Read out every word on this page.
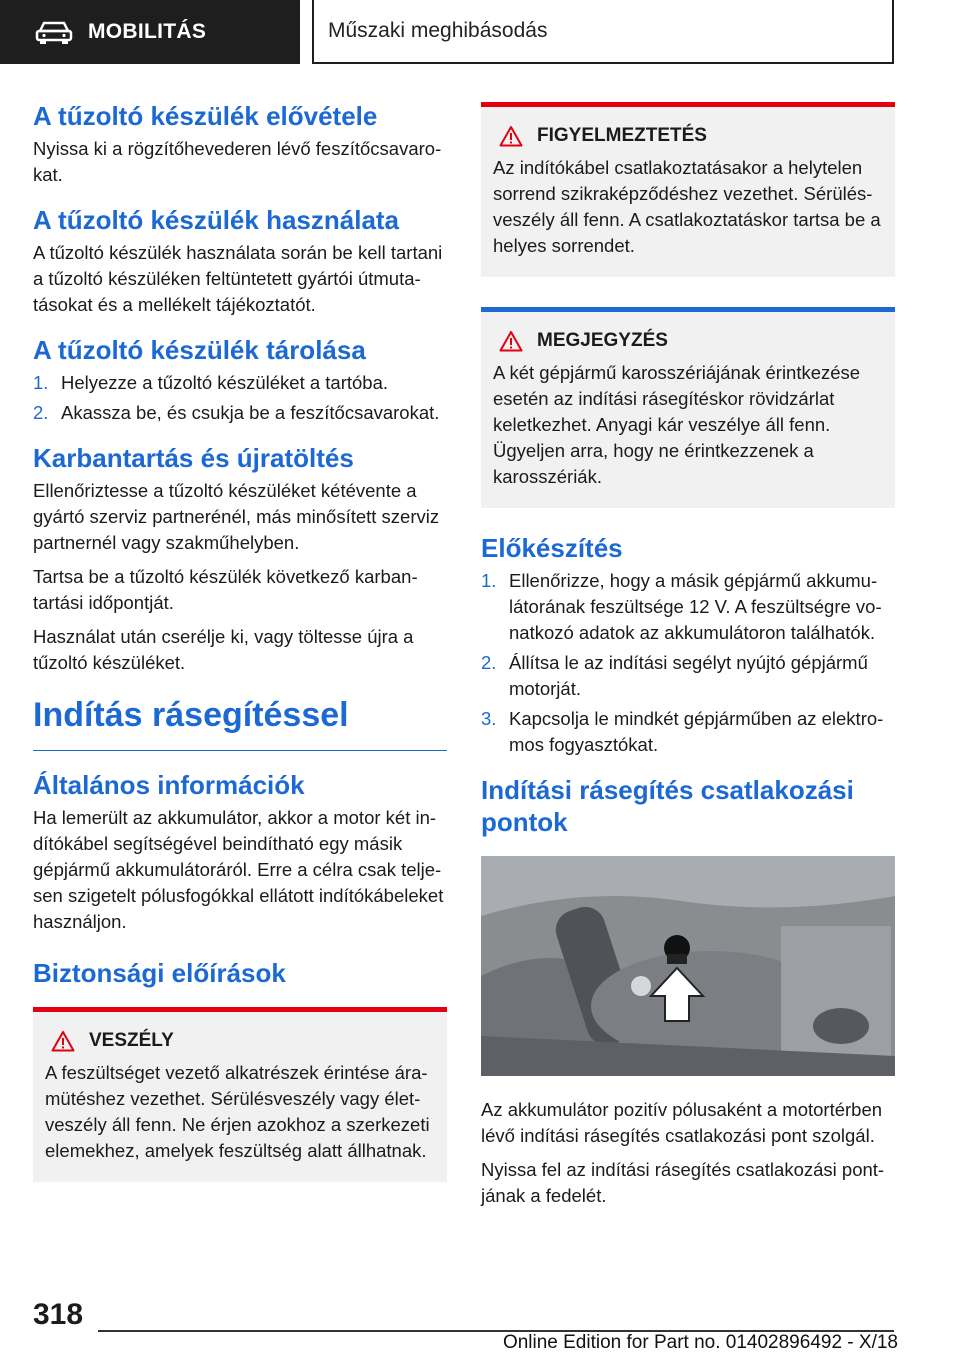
MOBILITÁS	Műszaki meghibásodás
A tűzoltó készülék elővétele

Nyissa ki a rögzítőhevederen lévő feszítőcsavarokat.

A tűzoltó készülék használata

A tűzoltó készülék használata során be kell tartani a tűzoltó készüléken feltüntetett gyártói útmutatásokat és a mellékelt tájékoztatót.

A tűzoltó készülék tárolása
1. Helyezze a tűzoltó készüléket a tartóba.
2. Akassza be, és csukja be a feszítőcsavarokat.
Karbantartás és újratöltés

Ellenőriztesse a tűzoltó készüléket kétévente a gyártó szerviz partnerénél, más minősített szerviz partnernél vagy szakműhelyben.

Tartsa be a tűzoltó készülék következő karbantartási időpontját.

Használat után cserélje ki, vagy töltesse újra a tűzoltó készüléket.

Indítás rásegítéssel
Általános információk

Ha lemerült az akkumulátor, akkor a motor két indítókábel segítségével beindítható egy másik gépjármű akkumulátoráról. Erre a célra csak teljesen szigetelt pólusfogókkal ellátott indítókábeleket használjon.

Biztonsági előírások
VESZÉLY

A feszültséget vezető alkatrészek érintése áramütéshez vezethet. Sérülésveszély vagy életveszély áll fenn. Ne érjen azokhoz a szerkezeti elemekhez, amelyek feszültség alatt állhatnak.

FIGYELMEZTETÉS

Az indítókábel csatlakoztatásakor a helytelen sorrend szikraképződéshez vezethet. Sérülésveszély áll fenn. A csatlakoztatáskor tartsa be a helyes sorrendet.

MEGJEGYZÉS

A két gépjármű karosszériájának érintkezése esetén az indítási rásegítéskor rövidzárlat keletkezhet. Anyagi kár veszélye áll fenn. Ügyeljen arra, hogy ne érintkezzenek a karosszériák.

Előkészítés
1. Ellenőrizze, hogy a másik gépjármű akkumulátorának feszültsége 12 V. A feszültségre vonatkozó adatok az akkumulátoron találhatók.
2. Állítsa le az indítási segélyt nyújtó gépjármű motorját.
3. Kapcsolja le mindkét gépjárműben az elektromos fogyasztókat.
Indítási rásegítés csatlakozási pontok

Az akkumulátor pozitív pólusaként a motortérben lévő indítási rásegítés csatlakozási pont szolgál.

Nyissa fel az indítási rásegítés csatlakozási pontjának a fedelét.

318
Online Edition for Part no. 01402896492 - X/18
